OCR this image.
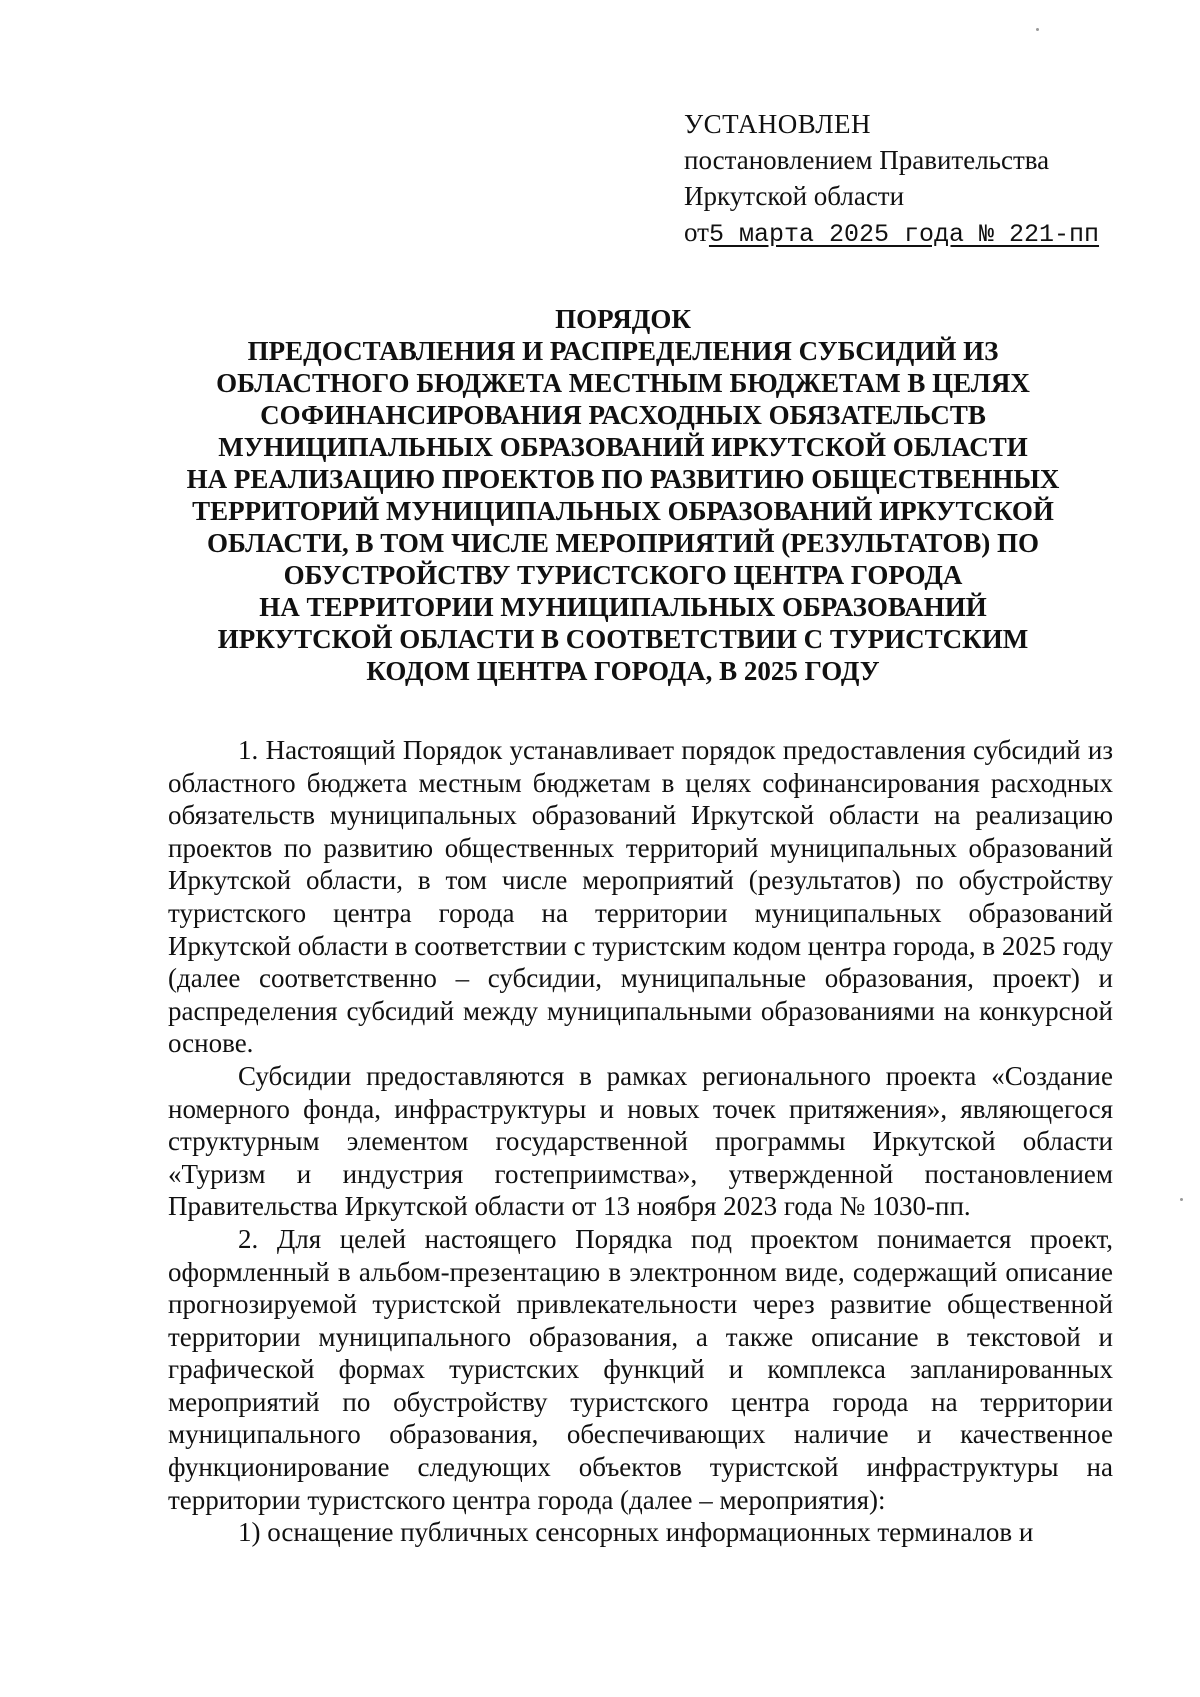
УСТАНОВЛЕН
постановлением Правительства
Иркутской области
от5 марта 2025 года № 221-пп
ПОРЯДОК
ПРЕДОСТАВЛЕНИЯ И РАСПРЕДЕЛЕНИЯ СУБСИДИЙ ИЗ
ОБЛАСТНОГО БЮДЖЕТА МЕСТНЫМ БЮДЖЕТАМ В ЦЕЛЯХ
СОФИНАНСИРОВАНИЯ РАСХОДНЫХ ОБЯЗАТЕЛЬСТВ
МУНИЦИПАЛЬНЫХ ОБРАЗОВАНИЙ ИРКУТСКОЙ ОБЛАСТИ
НА РЕАЛИЗАЦИЮ ПРОЕКТОВ ПО РАЗВИТИЮ ОБЩЕСТВЕННЫХ
ТЕРРИТОРИЙ МУНИЦИПАЛЬНЫХ ОБРАЗОВАНИЙ ИРКУТСКОЙ
ОБЛАСТИ, В ТОМ ЧИСЛЕ МЕРОПРИЯТИЙ (РЕЗУЛЬТАТОВ) ПО
ОБУСТРОЙСТВУ ТУРИСТСКОГО ЦЕНТРА ГОРОДА
НА ТЕРРИТОРИИ МУНИЦИПАЛЬНЫХ ОБРАЗОВАНИЙ
ИРКУТСКОЙ ОБЛАСТИ В СООТВЕТСТВИИ С ТУРИСТСКИМ
КОДОМ ЦЕНТРА ГОРОДА, В 2025 ГОДУ

1. Настоящий Порядок устанавливает порядок предоставления субсидий из областного бюджета местным бюджетам в целях софинансирования расходных обязательств муниципальных образований Иркутской области на реализацию проектов по развитию общественных территорий муниципальных образований Иркутской области, в том числе мероприятий (результатов) по обустройству туристского центра города на территории муниципальных образований Иркутской области в соответствии с туристским кодом центра города, в 2025 году (далее соответственно – субсидии, муниципальные образования, проект) и распределения субсидий между муниципальными образованиями на конкурсной основе.

Субсидии предоставляются в рамках регионального проекта «Создание номерного фонда, инфраструктуры и новых точек притяжения», являющегося структурным элементом государственной программы Иркутской области «Туризм и индустрия гостеприимства», утвержденной постановлением Правительства Иркутской области от 13 ноября 2023 года № 1030-пп.

2. Для целей настоящего Порядка под проектом понимается проект, оформленный в альбом-презентацию в электронном виде, содержащий описание прогнозируемой туристской привлекательности через развитие общественной территории муниципального образования, а также описание в текстовой и графической формах туристских функций и комплекса запланированных мероприятий по обустройству туристского центра города на территории муниципального образования, обеспечивающих наличие и качественное функционирование следующих объектов туристской инфраструктуры на территории туристского центра города (далее – мероприятия):

1) оснащение публичных сенсорных информационных терминалов и
